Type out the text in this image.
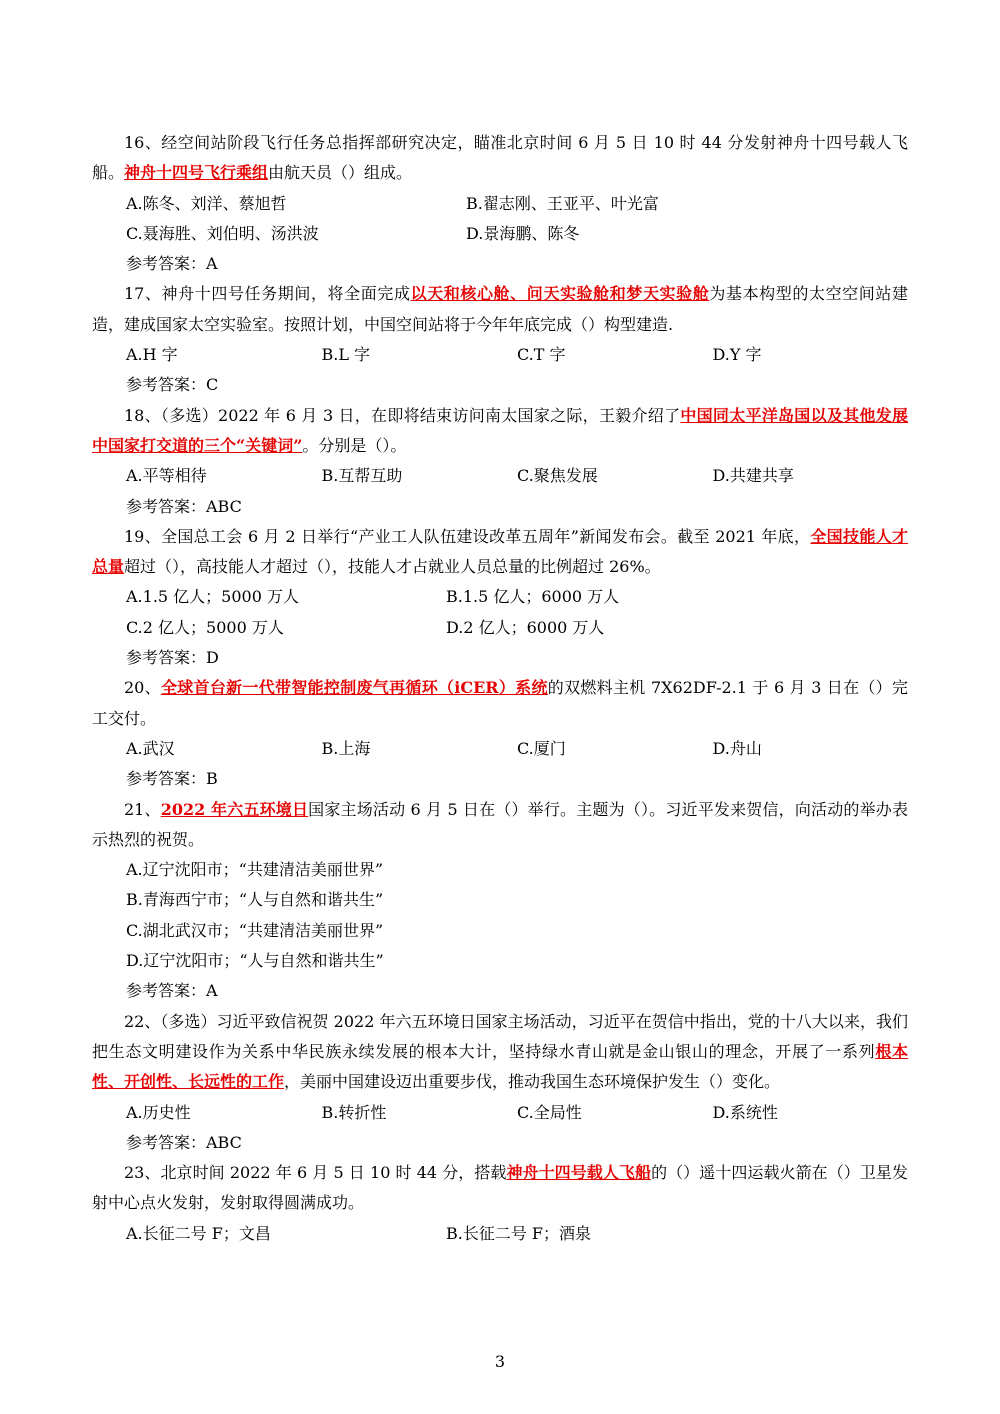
16、经空间站阶段飞行任务总指挥部研究决定，瞄准北京时间 6 月 5 日 10 时 44 分发射神舟十四号载人飞船。神舟十四号飞行乘组由航天员（）组成。

A.陈冬、刘洋、蔡旭哲	B.翟志刚、王亚平、叶光富
C.聂海胜、刘伯明、汤洪波	D.景海鹏、陈冬

参考答案：A

17、神舟十四号任务期间，将全面完成以天和核心舱、问天实验舱和梦天实验舱为基本构型的太空空间站建造，建成国家太空实验室。按照计划，中国空间站将于今年年底完成（）构型建造.

A.H 字	B.L 字	C.T 字	D.Y 字

参考答案：C

18、（多选）2022 年 6 月 3 日，在即将结束访问南太国家之际，王毅介绍了中国同太平洋岛国以及其他发展中国家打交道的三个“关键词”。分别是（）。

A.平等相待	B.互帮互助	C.聚焦发展	D.共建共享

参考答案：ABC

19、全国总工会 6 月 2 日举行“产业工人队伍建设改革五周年”新闻发布会。截至 2021 年底，全国技能人才总量超过（），高技能人才超过（），技能人才占就业人员总量的比例超过 26%。

A.1.5 亿人；5000 万人	B.1.5 亿人；6000 万人
C.2 亿人；5000 万人	D.2 亿人；6000 万人

参考答案：D

20、全球首台新一代带智能控制废气再循环（iCER）系统的双燃料主机 7X62DF-2.1 于 6 月 3 日在（）完工交付。

A.武汉	B.上海	C.厦门	D.舟山

参考答案：B

21、2022 年六五环境日国家主场活动 6 月 5 日在（）举行。主题为（）。习近平发来贺信，向活动的举办表示热烈的祝贺。

A.辽宁沈阳市；“共建清洁美丽世界”

B.青海西宁市；“人与自然和谐共生”

C.湖北武汉市；“共建清洁美丽世界”

D.辽宁沈阳市；“人与自然和谐共生”

参考答案：A

22、（多选）习近平致信祝贺 2022 年六五环境日国家主场活动，习近平在贺信中指出，党的十八大以来，我们把生态文明建设作为关系中华民族永续发展的根本大计，坚持绿水青山就是金山银山的理念，开展了一系列根本性、开创性、长远性的工作，美丽中国建设迈出重要步伐，推动我国生态环境保护发生（）变化。

A.历史性	B.转折性	C.全局性	D.系统性

参考答案：ABC

23、北京时间 2022 年 6 月 5 日 10 时 44 分，搭载神舟十四号载人飞船的（）遥十四运载火箭在（）卫星发射中心点火发射，发射取得圆满成功。

A.长征二号 F；文昌	B.长征二号 F；酒泉
3
